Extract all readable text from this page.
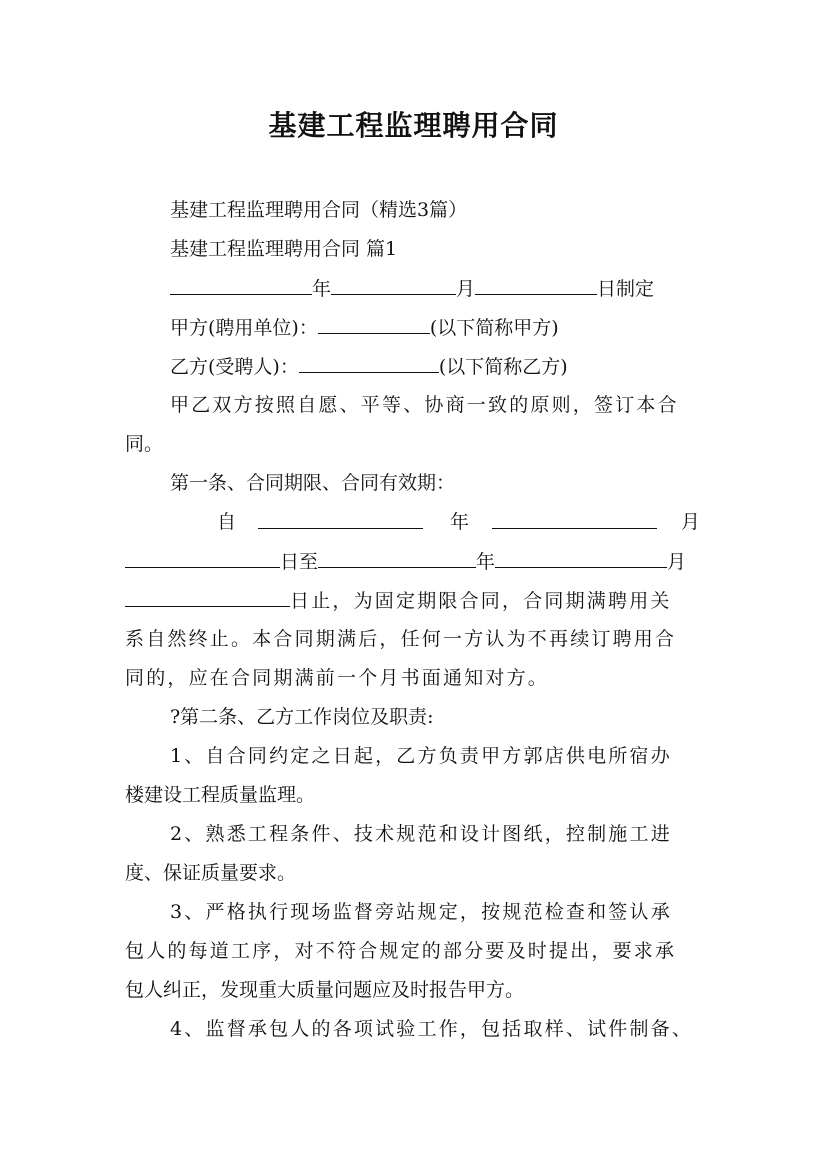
基建工程监理聘用合同
基建工程监理聘用合同（精选3篇）
基建工程监理聘用合同 篇1
年	月	日制定
甲方(聘用单位)：	(以下简称甲方)
乙方(受聘人)：	(以下简称乙方)
甲乙双方按照自愿、平等、协商一致的原则，签订本合
同。
第一条、合同期限、合同有效期：
自	年	月
日至	年	月
日止，为固定期限合同，合同期满聘用关
系自然终止。本合同期满后，任何一方认为不再续订聘用合
同的，应在合同期满前一个月书面通知对方。
?第二条、乙方工作岗位及职责:
1、自合同约定之日起，乙方负责甲方郭店供电所宿办
楼建设工程质量监理。
2、熟悉工程条件、技术规范和设计图纸，控制施工进
度、保证质量要求。
3、严格执行现场监督旁站规定，按规范检查和签认承
包人的每道工序，对不符合规定的部分要及时提出，要求承
包人纠正，发现重大质量问题应及时报告甲方。
4、监督承包人的各项试验工作，包括取样、试件制备、
